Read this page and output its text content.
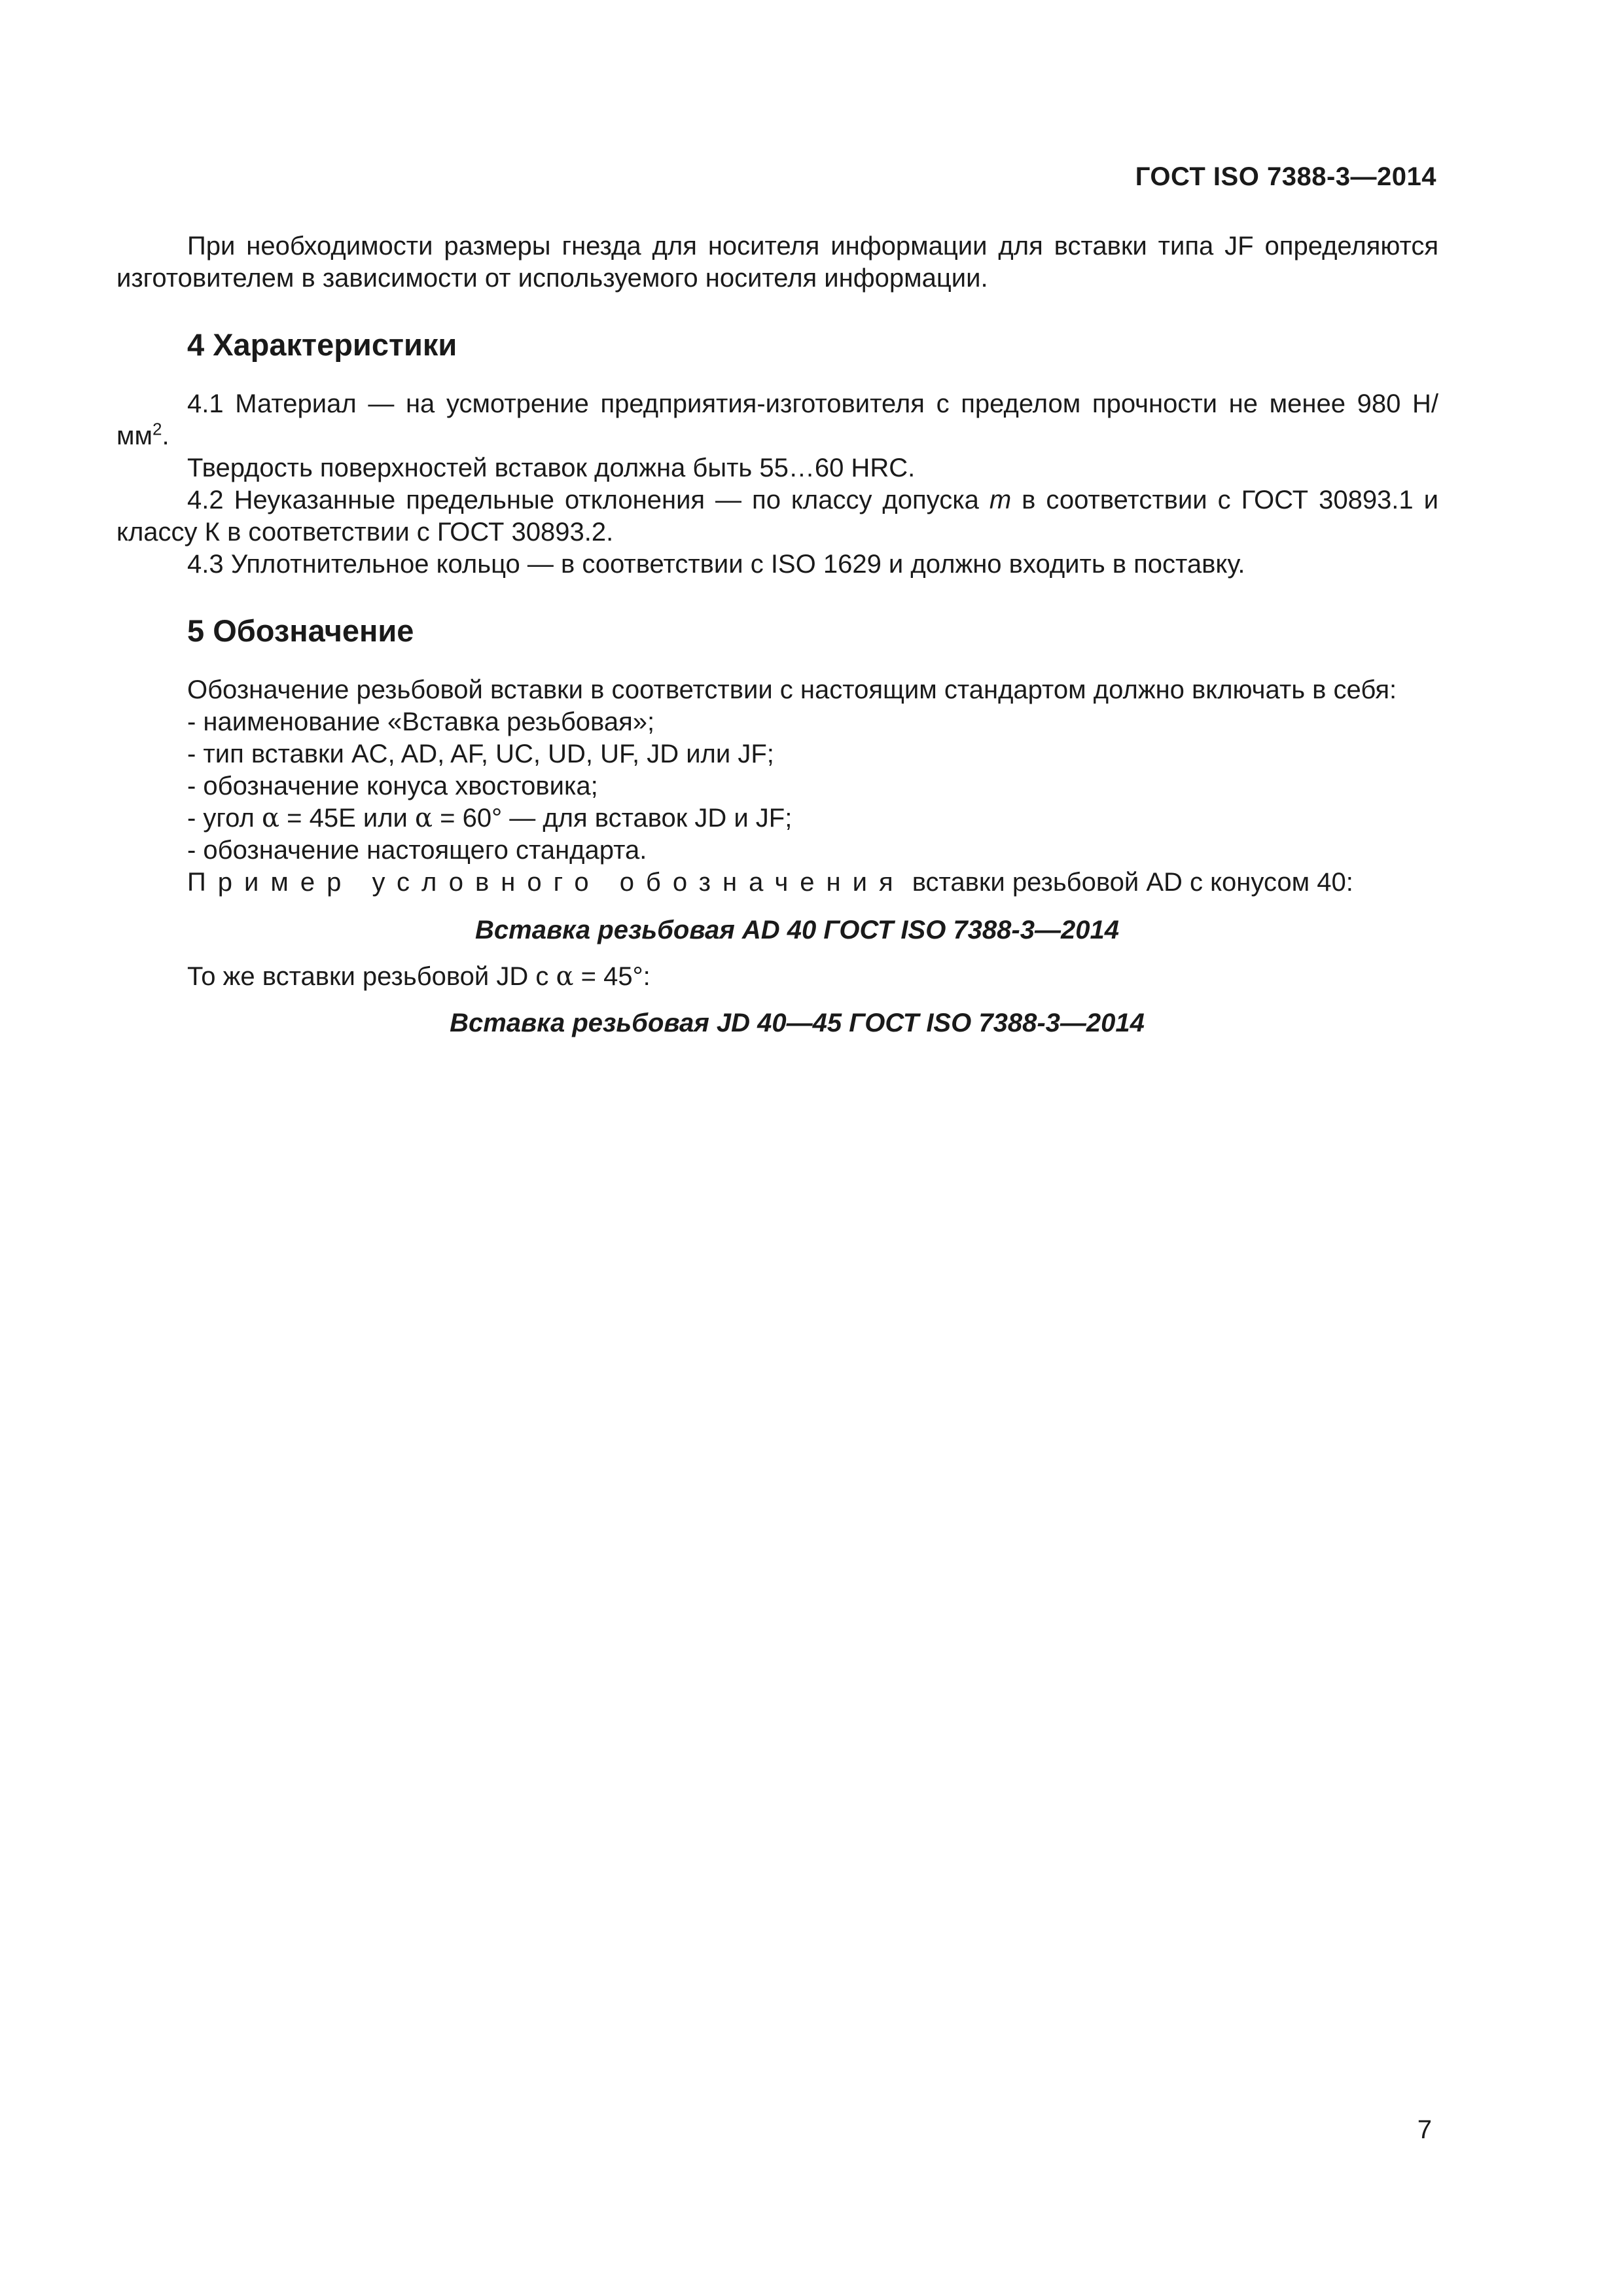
ГОСТ ISO 7388-3—2014

При необходимости размеры гнезда для носителя информации для вставки типа JF определяются изготовителем в зависимости от используемого носителя информации.

4 Характеристики

4.1 Материал — на усмотрение предприятия-изготовителя с пределом прочности не менее 980 $Н/мм^2$.

Твердость поверхностей вставок должна быть 55…60 HRC.

4.2 Неуказанные предельные отклонения — по классу допуска m в соответствии с ГОСТ 30893.1 и классу К в соответствии с ГОСТ 30893.2.

4.3 Уплотнительное кольцо — в соответствии с ISO 1629 и должно входить в поставку.

5 Обозначение

Обозначение резьбовой вставки в соответствии с настоящим стандартом должно включать в себя:

- наименование «Вставка резьбовая»;

- тип вставки AC, AD, AF, UC, UD, UF, JD или JF;

- обозначение конуса хвостовика;

- угол α = 45E или α = 60° — для вставок JD и JF;

- обозначение настоящего стандарта.

Пример условного обозначения вставки резьбовой AD с конусом 40:

Вставка резьбовая AD 40 ГОСТ ISO 7388-3—2014

То же вставки резьбовой JD с α = 45°:

Вставка резьбовая JD 40—45 ГОСТ ISO 7388-3—2014

7
